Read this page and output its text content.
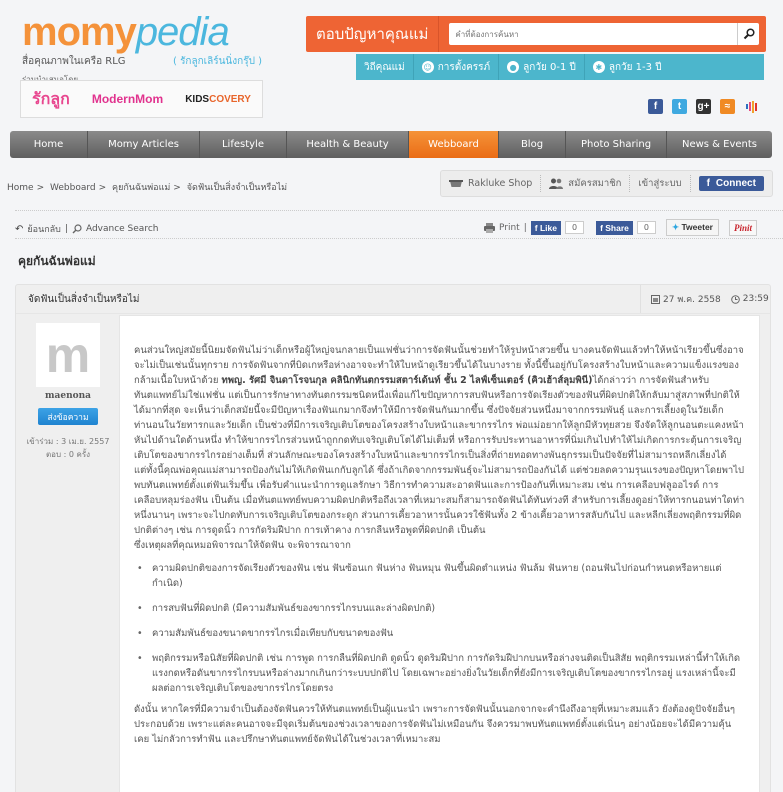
momypedia
สื่อคุณภาพในเครือ RLG	( รักลูกเลิร์นนิ่งกรุ๊ป )
รักลูก ModernMom KIDSCOVERY
ตอบปัญหาคุณแม่
คำที่ต้องการค้นหา
วิถีคุณแม่ ☺ การตั้งครรภ์	● ลูกวัย 0-1 ปี	✱ ลูกวัย 1-3 ปี
f	t	g+	≈
Home	Momy Articles	Lifestyle	Health & Beauty	Webboard	Blog	Photo Sharing	News & Events
Home > Webboard > คุยกันฉันพ่อแม่ > จัดฟันเป็นสิ่งจำเป็นหรือไม่	Rakluke Shop	สมัครสมาชิก เข้าสู่ระบบ	f Connect
↶ ย้อนกลับ | Advance Search	Print | f Like	0	f Share	0	✦ Tweeter	Pinit
คุยกันฉันพ่อแม่
จัดฟันเป็นสิ่งจำเป็นหรือไม่	27 พ.ค. 2558 23:59
m
maenona
ส่งข้อความ
เข้าร่วม : 3 เม.ย. 2557
ตอบ : 0 ครั้ง

คนส่วนใหญ่สมัยนี้นิยมจัดฟันไม่ว่าเด็กหรือผู้ใหญ่จนกลายเป็นแฟชั่นว่าการจัดฟันนั้นช่วยทำให้รูปหน้าสวยขึ้น บางคนจัดฟันแล้วทำให้หน้าเรียวขึ้นซึ่งอาจจะไม่เป็นเช่นนั้นทุกราย การจัดฟันจากที่บิดเกหรือห่างอาจจะทำให้ใบหน้าดูเรียวขึ้นได้ในบางราย ทั้งนี้ขึ้นอยู่กับโครงสร้างใบหน้าและความแข็งแรงของกล้ามเนื้อใบหน้าด้วย ทพญ. รัศมี จินดาโรจนกุล คลินิกทันตกรรมสตาร์เด้นท์ ชั้น 2 ไลฟ์เซ็นเตอร์ (คิวเฮ้าส์ลุมพินี)ได้กล่าวว่า การจัดฟันสำหรับทันตแพทย์ไม่ใช่แฟชั่น แต่เป็นการรักษาทางทันตกรรมชนิดหนึ่งเพื่อแก้ไขปัญหาการสบฟันหรือการจัดเรียงตัวของฟันที่ผิดปกติให้กลับมาสู่สภาพที่ปกติให้ได้มากที่สุด จะเห็นว่าเด็กสมัยนี้จะมีปัญหาเรื่องฟันเกมากจึงทำให้มีการจัดฟันกันมากขึ้น ซึ่งปัจจัยส่วนหนึ่งมาจากกรรมพันธุ์ และการเลี้ยงดูในวัยเด็ก

ท่านอนในวัยทารกและวัยเด็ก เป็นช่วงที่มีการเจริญเติบโตของโครงสร้างใบหน้าและขากรรไกร พ่อแม่อยากให้ลูกมีหัวทุยสวย จึงจัดให้ลูกนอนตะแคงหน้าหันไปด้านใดด้านหนึ่ง ทำให้ขากรรไกรส่วนหน้าถูกกดทับเจริญเติบโตได้ไม่เต็มที่ หรือการรับประทานอาหารที่นิ่มเกินไปทำให้ไม่เกิดการกระตุ้นการเจริญเติบโตของขากรรไกรอย่างเต็มที่ ส่วนลักษณะของโครงสร้างใบหน้าและขากรรไกรเป็นสิ่งที่ถ่ายทอดทางพันธุกรรมเป็นปัจจัยที่ไม่สามารถหลีกเลี่ยงได้

แต่ทั้งนี้คุณพ่อคุณแม่สามารถป้องกันไม่ให้เกิดฟันเกกับลูกได้ ซึ่งถ้าเกิดจากกรรมพันธุ์จะไม่สามารถป้องกันได้ แต่ช่วยลดความรุนแรงของปัญหาโดยพาไปพบทันตแพทย์ตั้งแต่ฟันเริ่มขึ้น เพื่อรับคำแนะนำการดูแลรักษา วิธีการทำความสะอาดฟันและการป้องกันที่เหมาะสม เช่น การเคลือบฟลูออไรด์ การเคลือบหลุมร่องฟัน เป็นต้น เมื่อทันตแพทย์พบความผิดปกติหรือถึงเวลาที่เหมาะสมก็สามารถจัดฟันได้ทันท่วงที สำหรับการเลี้ยงดูอย่าให้ทารกนอนท่าใดท่าหนึ่งนานๆ เพราะจะไปกดทับการเจริญเติบโตของกระดูก ส่วนการเคี้ยวอาหารนั้นควรใช้ฟันทั้ง 2 ข้างเคี้ยวอาหารสลับกันไป และหลีกเลี่ยงพฤติกรรมที่ผิดปกติต่างๆ เช่น การดูดนิ้ว การกัดริมฝีปาก การเท้าคาง การกลืนหรือพูดที่ผิดปกติ เป็นต้น

ซึ่งเหตุผลที่คุณหมอพิจารณาให้จัดฟัน จะพิจารณาจาก

• ความผิดปกติของการจัดเรียงตัวของฟัน เช่น ฟันซ้อนเก ฟันห่าง ฟันหมุน ฟันขึ้นผิดตำแหน่ง ฟันล้ม ฟันหาย (ถอนฟันไปก่อนกำหนดหรือหายแต่กำเนิด)
• การสบฟันที่ผิดปกติ (มีความสัมพันธ์ของขากรรไกรบนและล่างผิดปกติ)
• ความสัมพันธ์ของขนาดขากรรไกรเมื่อเทียบกับขนาดของฟัน
• พฤติกรรมหรือนิสัยที่ผิดปกติ เช่น การพูด การกลืนที่ผิดปกติ ดูดนิ้ว ดูดริมฝีปาก การกัดริมฝีปากบนหรือล่างจนติดเป็นสิสัย พฤติกรรมเหล่านี้ทำให้เกิดแรงกดหรือดันขากรรไกรบนหรือล่างมากเกินกว่าระบบปกติไป โดยเฉพาะอย่างยิ่งในวัยเด็กที่ยังมีการเจริญเติบโตของขากรรไกรอยู่ แรงเหล่านี้จะมีผลต่อการเจริญเติบโตของขากรรไกรโดยตรง

ดังนั้น หากใครที่มีความจำเป็นต้องจัดฟันควรให้ทันตแพทย์เป็นผู้แนะนำ เพราะการจัดฟันนั้นนอกจากจะคำนึงถึงอายุที่เหมาะสมแล้ว ยังต้องดูปัจจัยอื่นๆ ประกอบด้วย เพราะแต่ละคนอาจจะมีจุดเริ่มต้นของช่วงเวลาของการจัดฟันไม่เหมือนกัน จึงควรมาพบทันตแพทย์ตั้งแต่เนิ่นๆ อย่างน้อยจะได้มีความคุ้นเคย ไม่กลัวการทำฟัน และปรึกษาทันตแพทย์จัดฟันได้ในช่วงเวลาที่เหมาะสม
